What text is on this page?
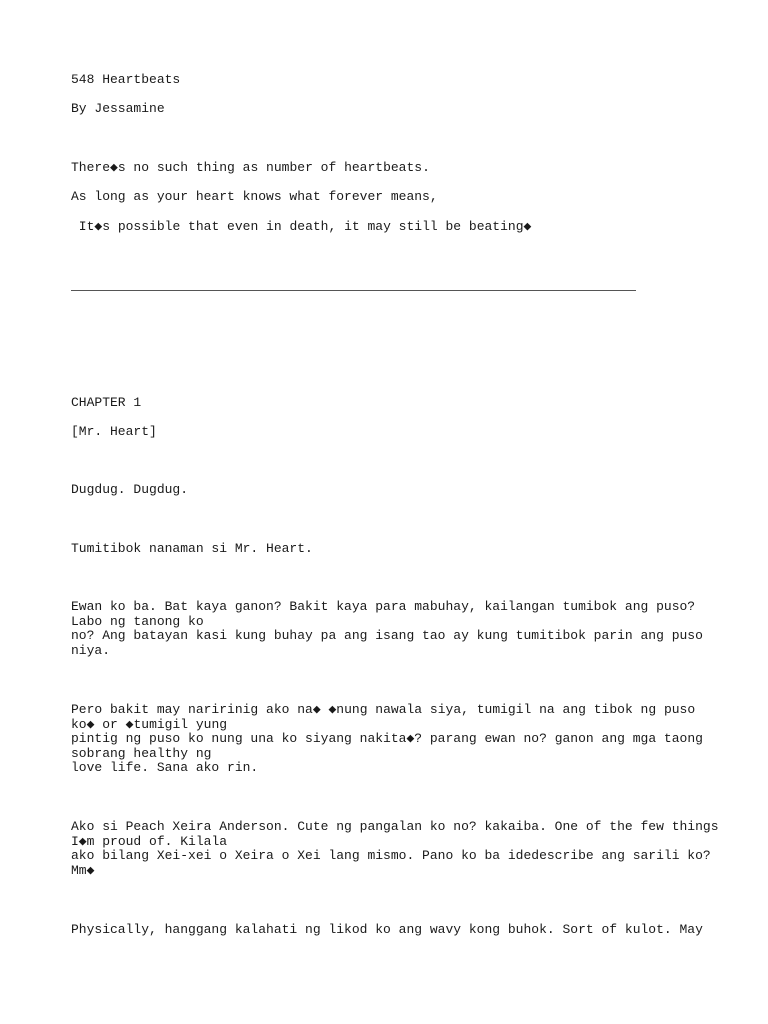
548 Heartbeats

By Jessamine

There◆s no such thing as number of heartbeats.

As long as your heart knows what forever means,

It◆s possible that even in death, it may still be beating◆

CHAPTER 1

[Mr. Heart]

Dugdug. Dugdug.

Tumitibok nanaman si Mr. Heart.

Ewan ko ba. Bat kaya ganon? Bakit kaya para mabuhay, kailangan tumibok ang puso?
Labo ng tanong ko
no? Ang batayan kasi kung buhay pa ang isang tao ay kung tumitibok parin ang puso
niya.

Pero bakit may naririnig ako na◆ ◆nung nawala siya, tumigil na ang tibok ng puso
ko◆ or ◆tumigil yung
pintig ng puso ko nung una ko siyang nakita◆? parang ewan no? ganon ang mga taong
sobrang healthy ng
love life. Sana ako rin.

Ako si Peach Xeira Anderson. Cute ng pangalan ko no? kakaiba. One of the few things
I◆m proud of. Kilala
ako bilang Xei-xei o Xeira o Xei lang mismo. Pano ko ba idedescribe ang sarili ko?
Mm◆

Physically, hanggang kalahati ng likod ko ang wavy kong buhok. Sort of kulot. May
